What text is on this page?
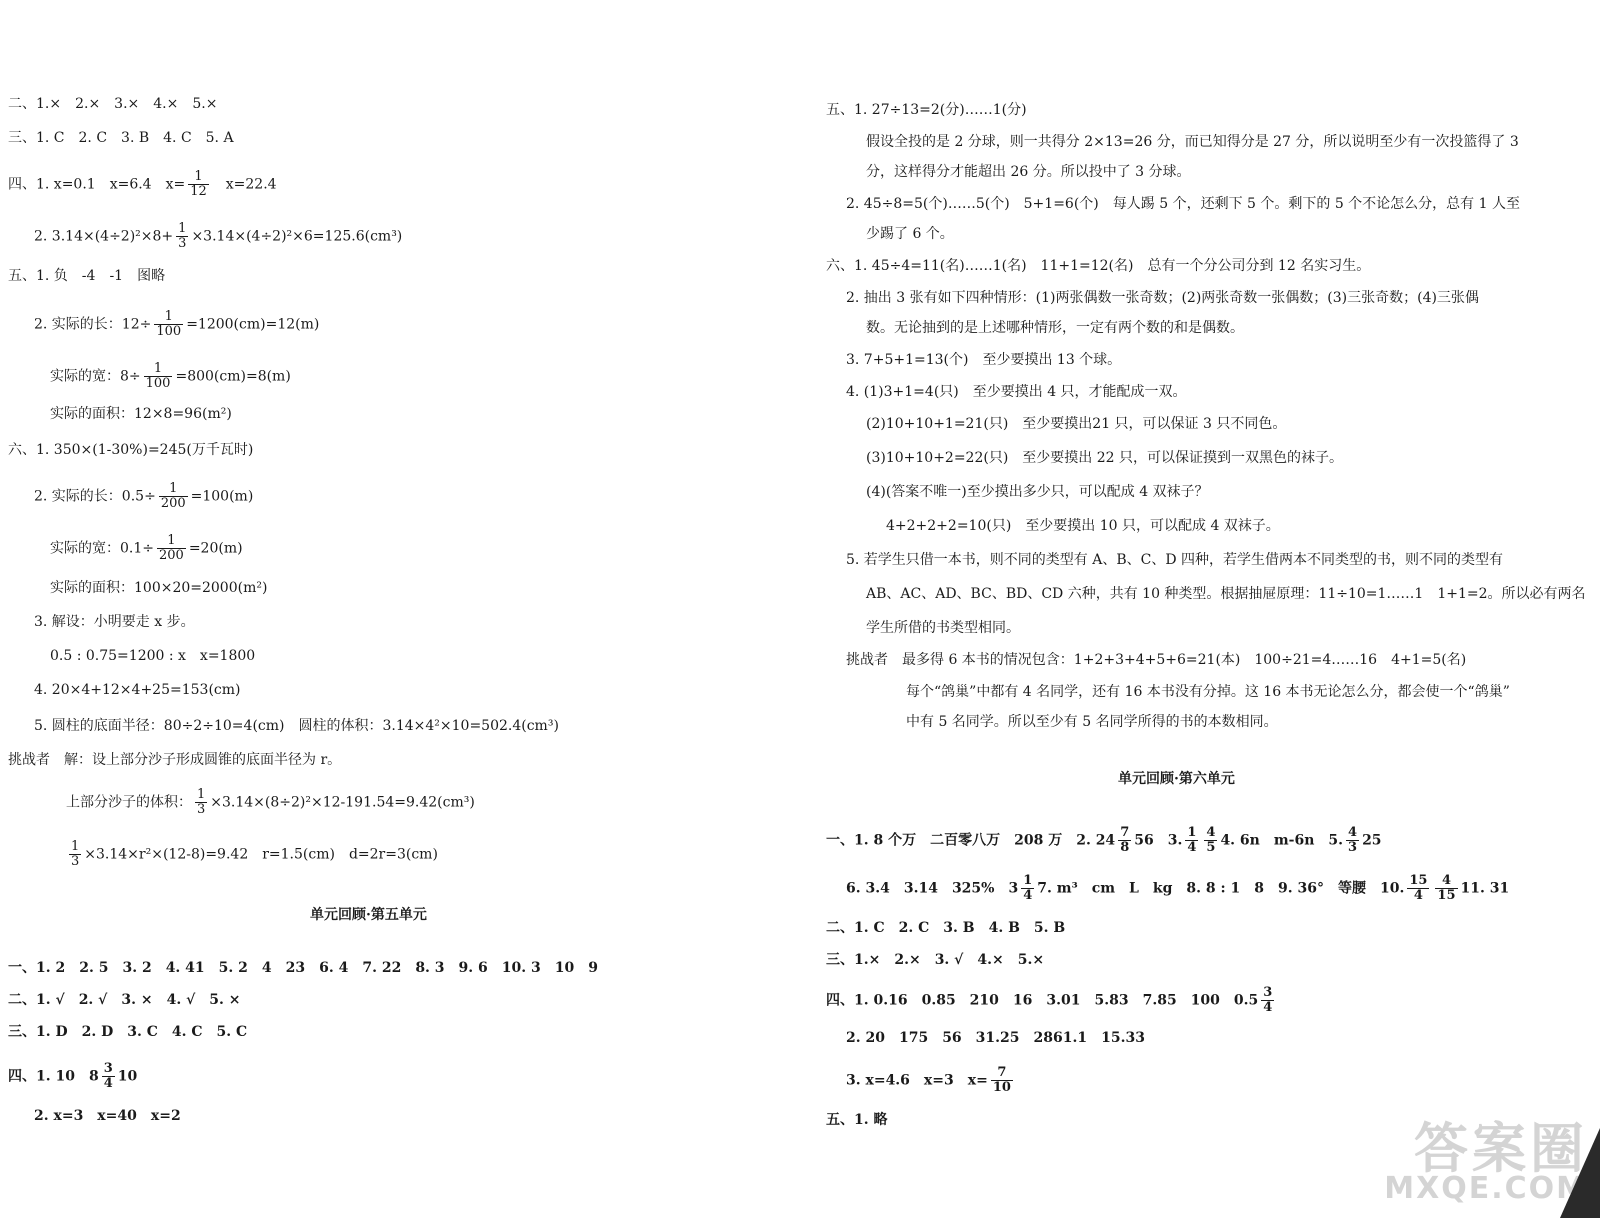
二、1.×　2.×　3.×　4.×　5.×
三、1. C　2. C　3. B　4. C　5. A
四、1. x=0.1　x=6.4　$x= \frac{1}{12}$ 　x=22.4
2. $3.14\times(4\div 2)^2\times 8+ \frac{1}{3} \times 3.14\times(4\div 2)^2\times 6=125.6(cm^3)$
五、1. 负　-4　-1　图略
2. 实际的长：$12\div \frac{1}{100} =1200(cm)=12(m)$
实际的宽：$8\div \frac{1}{100} =800(cm)=8(m)$
实际的面积：12×8=96(m²)
六、1. 350×(1-30%)=245(万千瓦时)
2. 实际的长：$0.5\div \frac{1}{200} =100(m)$
实际的宽：$0.1\div \frac{1}{200} =20(m)$
实际的面积：100×20=2000(m²)
3. 解设：小明要走 x 步。
0.5 : 0.75=1200 : x　x=1800
4. 20×4+12×4+25=153(cm)
5. 圆柱的底面半径：80÷2÷10=4(cm)　圆柱的体积：3.14×4²×10=502.4(cm³)
挑战者　解：设上部分沙子形成圆锥的底面半径为 r。
上部分沙子的体积： $\frac{1}{3} \times 3.14\times(8\div 2)^2\times 12-191.54=9.42(cm^3)$
$\frac{1}{3} \times 3.14\times r^2\times(12-8)=9.42$　r=1.5(cm)　d=2r=3(cm)
单元回顾·第五单元
一、1. 2　2. 5　3. 2　4. 41　5. 2　4　23　6. 4　7. 22　8. 3　9. 6　10. 3　10　9
二、1. √　2. √　3. ×　4. √　5. ×
三、1. D　2. D　3. C　4. C　5. C
四、1. 10　$8 \frac{3}{4} 10$
2. x=3　x=40　x=2
五、1. 27÷13=2(分)……1(分)
假设全投的是 2 分球，则一共得分 2×13=26 分，而已知得分是 27 分，所以说明至少有一次投篮得了 3
分，这样得分才能超出 26 分。所以投中了 3 分球。
2. 45÷8=5(个)……5(个)　5+1=6(个)　每人踢 5 个，还剩下 5 个。剩下的 5 个不论怎么分，总有 1 人至
少踢了 6 个。
六、1. 45÷4=11(名)……1(名)　11+1=12(名)　总有一个分公司分到 12 名实习生。
2. 抽出 3 张有如下四种情形：(1)两张偶数一张奇数；(2)两张奇数一张偶数；(3)三张奇数；(4)三张偶
数。无论抽到的是上述哪种情形，一定有两个数的和是偶数。
3. 7+5+1=13(个)　至少要摸出 13 个球。
4. (1)3+1=4(只)　至少要摸出 4 只，才能配成一双。
(2)10+10+1=21(只)　至少要摸出21 只，可以保证 3 只不同色。
(3)10+10+2=22(只)　至少要摸出 22 只，可以保证摸到一双黑色的袜子。
(4)(答案不唯一)至少摸出多少只，可以配成 4 双袜子？
4+2+2+2=10(只)　至少要摸出 10 只，可以配成 4 双袜子。
5. 若学生只借一本书，则不同的类型有 A、B、C、D 四种，若学生借两本不同类型的书，则不同的类型有
AB、AC、AD、BC、BD、CD 六种，共有 10 种类型。根据抽屉原理：11÷10=1……1　1+1=2。所以必有两名
学生所借的书类型相同。
挑战者　最多得 6 本书的情况包含：1+2+3+4+5+6=21(本)　100÷21=4……16　4+1=5(名)
每个“鸽巢”中都有 4 名同学，还有 16 本书没有分掉。这 16 本书无论怎么分，都会使一个“鸽巢”
中有 5 名同学。所以至少有 5 名同学所得的书的本数相同。
单元回顾·第六单元
一、1. 8 个万　二百零八万　208 万　2. $24 \frac{7}{8} 56$　3. $\frac{1}{4} \frac{4}{5} 4$. 6n　m-6n　5. $\frac{4}{3} 25$
6. 3.4　3.14　325%　$3 \frac{1}{4} 7$. m³　cm　L　kg　8. 8 : 1　8　9. 36°　等腰　10. $\frac{15}{4} \frac{4}{15} 11$. 31
二、1. C　2. C　3. B　4. B　5. B
三、1.×　2.×　3. √　4.×　5.×
四、1. 0.16　0.85　210　16　3.01　5.83　7.85　100　$0.5 \frac{3}{4}$
2. 20　175　56　31.25　2861.1　15.33
3. x=4.6　x=3　$x= \frac{7}{10}$
五、1. 略	答案圈
MXQE.COM
